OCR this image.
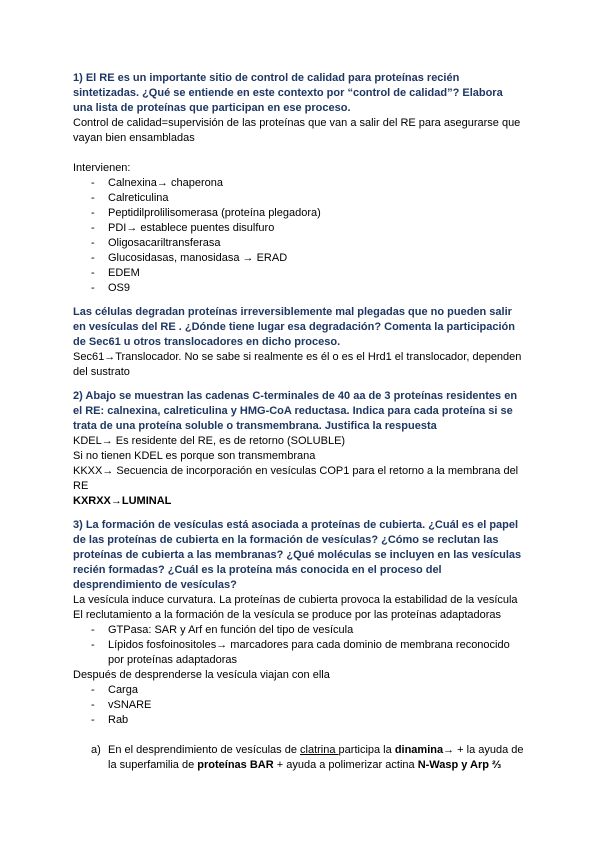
1) El RE es un importante sitio de control de calidad para proteínas recién sintetizadas. ¿Qué se entiende en este contexto por “control de calidad”? Elabora una lista de proteínas que participan en ese proceso.

Control de calidad=supervisión de las proteínas que van a salir del RE para asegurarse que vayan bien ensambladas

Intervienen:

- Calnexina→ chaperona
- Calreticulina
- Peptidilprolilisomerasa (proteína plegadora)
- PDI→ establece puentes disulfuro
- Oligosacariltransferasa
- Glucosidasas, manosidasa → ERAD
- EDEM
- OS9

Las células degradan proteínas irreversiblemente mal plegadas que no pueden salir en vesículas del RE . ¿Dónde tiene lugar esa degradación? Comenta la participación de Sec61 u otros translocadores en dicho proceso.

Sec61→Translocador. No se sabe si realmente es él o es el Hrd1 el translocador, dependen del sustrato

2) Abajo se muestran las cadenas C-terminales de 40 aa de 3 proteínas residentes en el RE: calnexina, calreticulina y HMG-CoA reductasa. Indica para cada proteína si se trata de una proteína soluble o transmembrana. Justifica la respuesta

KDEL→ Es residente del RE, es de retorno (SOLUBLE)

Si no tienen KDEL es porque son transmembrana

KKXX→ Secuencia de incorporación en vesículas COP1 para el retorno a la membrana del RE

KXRXX→LUMINAL

3) La formación de vesículas está asociada a proteínas de cubierta. ¿Cuál es el papel de las proteínas de cubierta en la formación de vesículas? ¿Cómo se reclutan las proteínas de cubierta a las membranas? ¿Qué moléculas se incluyen en las vesículas recién formadas? ¿Cuál es la proteína más conocida en el proceso del desprendimiento de vesículas?

La vesícula induce curvatura. La proteínas de cubierta provoca la estabilidad de la vesícula

El reclutamiento a la formación de la vesícula se produce por las proteínas adaptadoras

- GTPasa: SAR y Arf en función del tipo de vesícula
- Lípidos fosfoinositoles→ marcadores para cada dominio de membrana reconocido por proteínas adaptadoras

Después de desprenderse la vesícula viajan con ella

- Carga
- vSNARE
- Rab

a) En el desprendimiento de vesículas de clatrina participa la dinamina→ + la ayuda de la superfamilia de proteínas BAR + ayuda a polimerizar actina N-Wasp y Arp ⅔
